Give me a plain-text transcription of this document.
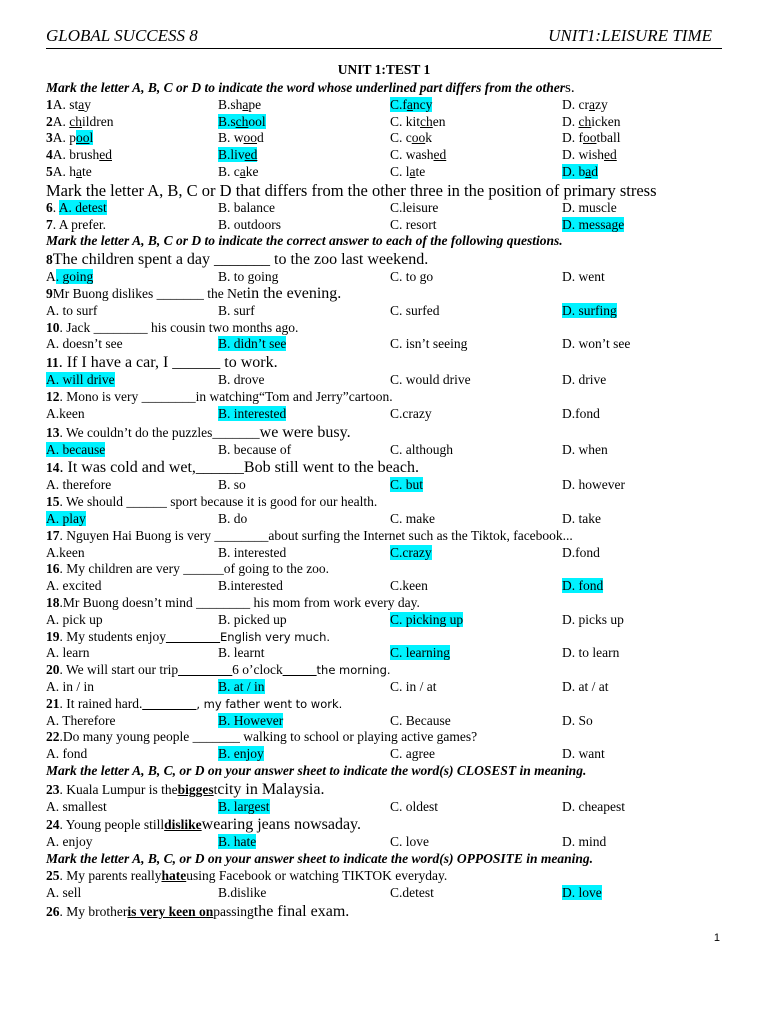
GLOBAL SUCCESS 8	UNIT1:LEISURE TIME
UNIT 1:TEST 1
Mark the letter A, B, C or D to indicate the word whose underlined part differs from the other s.
1A. stay	B.shape	C.fancy	D. crazy
2A. children	B.school	C. kitchen	D. chicken
3A. pool	B. wood	C. cook	D. football
4A. brushed	B.lived	C. washed	D. wished
5A. hate	B. cake	C. late	D. bad
Mark the letter A, B, C or D that differs from the other three in the position of primary stress
6. A. detest	B. balance	C.leisure	D. muscle
7. A prefer.	B. outdoors	C. resort	D. message
Mark the letter A, B, C or D to indicate the correct answer to each of the following questions.
8 The children spent a day _______ to the zoo last weekend.
A. going	B. to going	C. to go	D. went
9 Mr Buong dislikes _______ the Net in the evening.
A. to surf	B. surf	C. surfed	D. surfing
10 . Jack ________ his cousin two months ago.
A. doesn’t see	B. didn’t see	C. isn’t seeing	D. won’t see
11 . If I have a car, I ______ to work.
A. will drive	B. drove	C. would drive	D. drive
12 . Mono is very ________in watching“Tom and Jerry”cartoon.
A.keen	B. interested	C.crazy	D.fond
13 . We couldn’t do the puzzles_______ we were busy.
A. because	B. because of	C. although	D. when
14 . It was cold and wet,______Bob still went to the beach.
A. therefore	B. so	C. but	D. however
15 . We should ______ sport because it is good for our health.
A. play	B. do	C. make	D. take
17 . Nguyen Hai Buong is very ________about surfing the Internet such as the Tiktok, facebook...
A.keen	B. interested	C.crazy	D.fond
16 . My children are very ______of going to the zoo.
A. excited	B.interested	C.keen	D. fond
18 .Mr Buong doesn’t mind ________ his mom from work every day.
A. pick up	B. picked up	C. picking up	D. picks up
19 . My students enjoy ________ English very much.
A. learn	B. learnt	C. learning	D. to learn
20 . We will start our trip ________ 6 o’clock _____ the morning.
A. in / in	B. at / in	C. in / at	D. at / at
21 . It rained hard. ________ , my father went to work.
A. Therefore	B. However	C. Because	D. So
22 .Do many young people _______ walking to school or playing active games?
A. fond	B. enjoy	C. agree	D. want
Mark the letter A, B, C, or D on your answer sheet to indicate the word(s) CLOSEST in meaning.
23 . Kuala Lumpur is the bigges t city in Malaysia.
A. smallest	B. largest	C. oldest	D. cheapest
24 . Young people still dislike wearing jeans nowsaday.
A. enjoy	B. hate	C. love	D. mind
Mark the letter A, B, C, or D on your answer sheet to indicate the word(s) OPPOSITE in meaning.
25 . My parents really hate using Facebook or watching TIKTOK everyday.
A. sell	B.dislike	C.detest	D. love
26 . My brother is very keen on passing the final exam.
1
